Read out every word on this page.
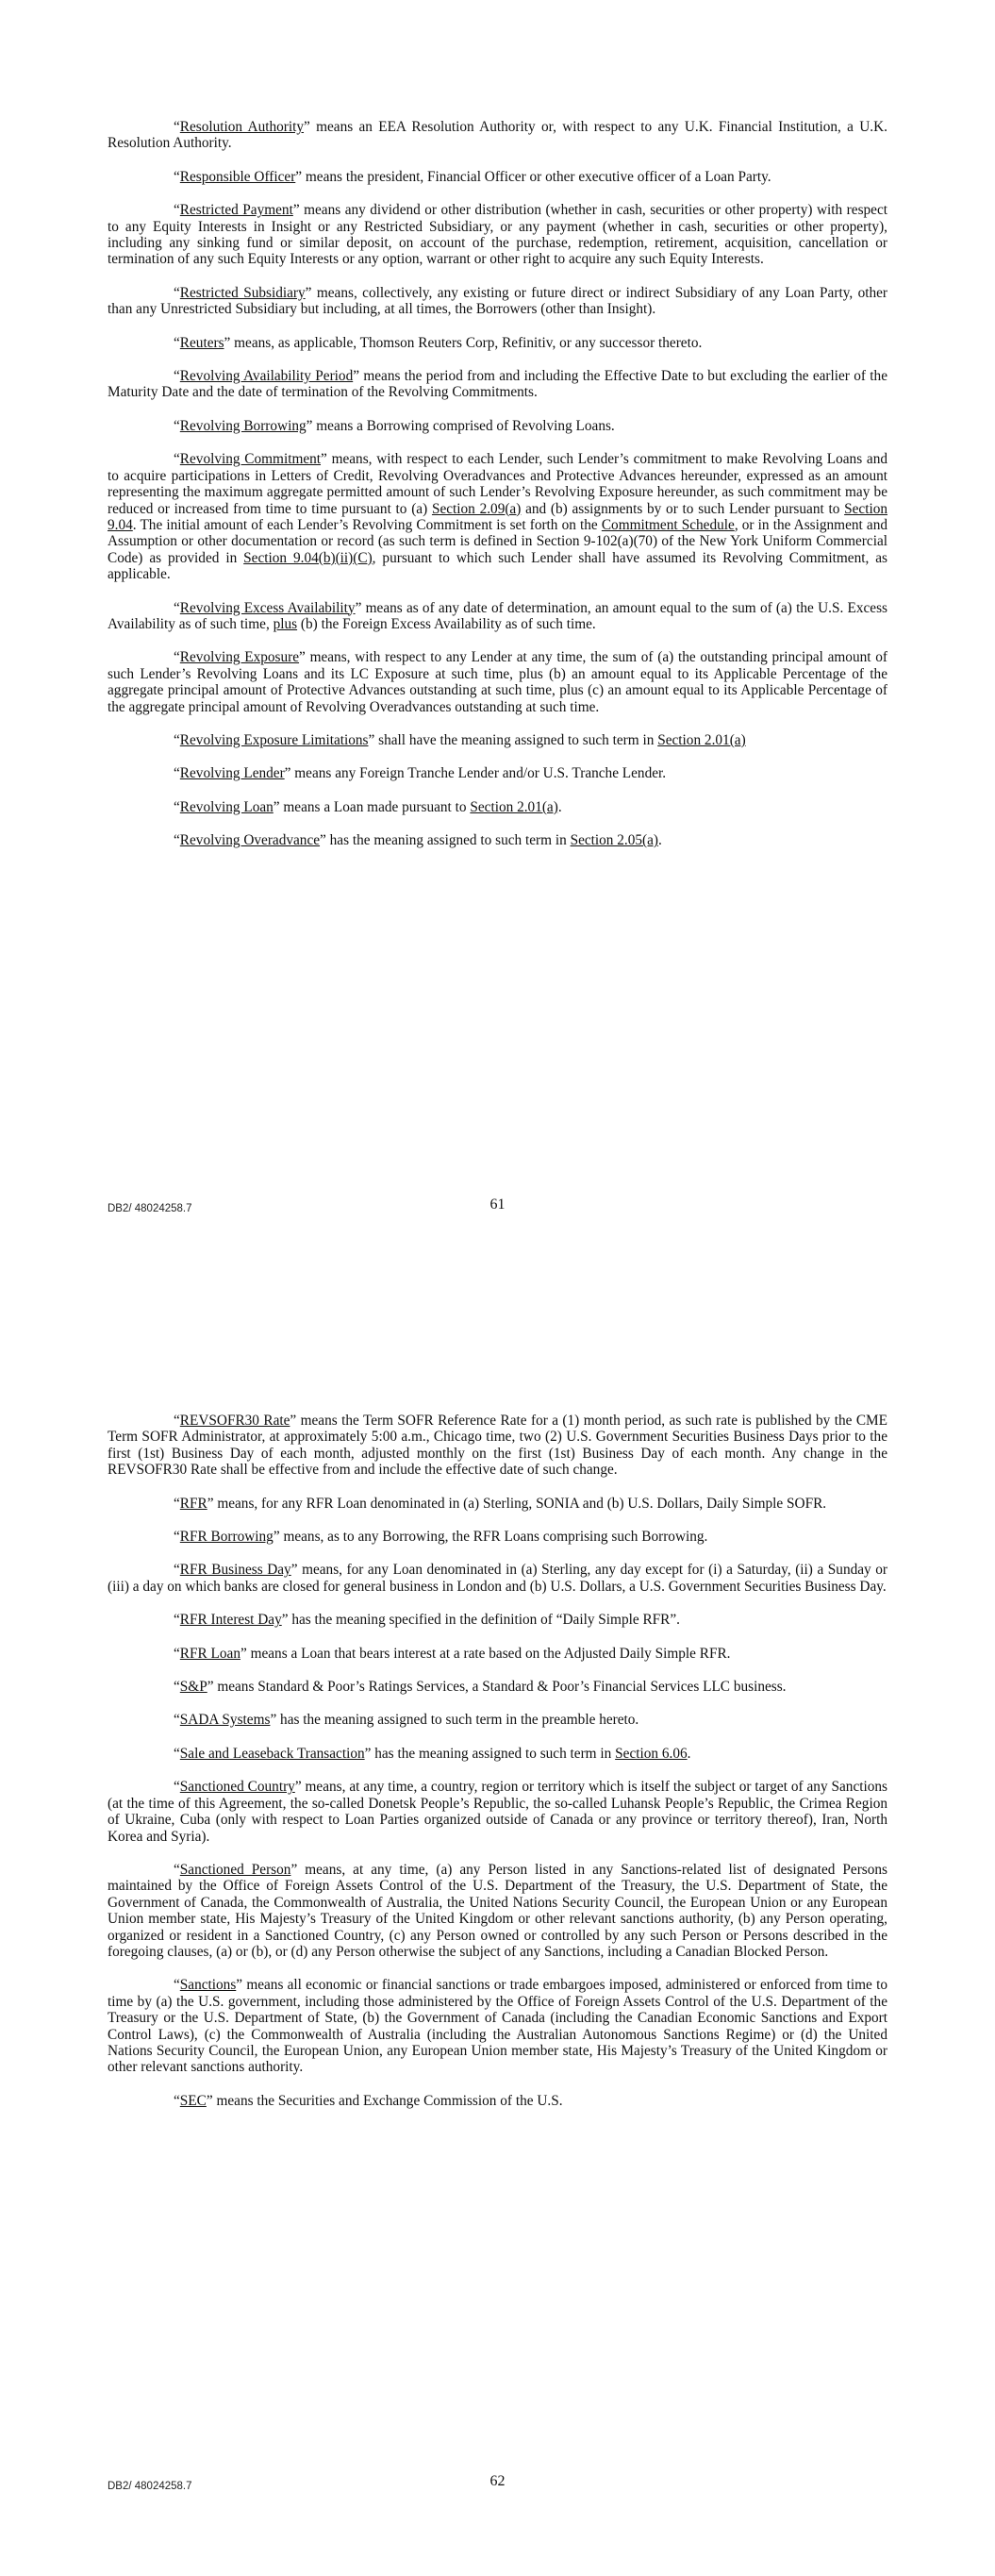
“Resolution Authority” means an EEA Resolution Authority or, with respect to any U.K. Financial Institution, a U.K. Resolution Authority.

“Responsible Officer” means the president, Financial Officer or other executive officer of a Loan Party.

“Restricted Payment” means any dividend or other distribution (whether in cash, securities or other property) with respect to any Equity Interests in Insight or any Restricted Subsidiary, or any payment (whether in cash, securities or other property), including any sinking fund or similar deposit, on account of the purchase, redemption, retirement, acquisition, cancellation or termination of any such Equity Interests or any option, warrant or other right to acquire any such Equity Interests.

“Restricted Subsidiary” means, collectively, any existing or future direct or indirect Subsidiary of any Loan Party, other than any Unrestricted Subsidiary but including, at all times, the Borrowers (other than Insight).

“Reuters” means, as applicable, Thomson Reuters Corp, Refinitiv, or any successor thereto.

“Revolving Availability Period” means the period from and including the Effective Date to but excluding the earlier of the Maturity Date and the date of termination of the Revolving Commitments.

“Revolving Borrowing” means a Borrowing comprised of Revolving Loans.

“Revolving Commitment” means, with respect to each Lender, such Lender’s commitment to make Revolving Loans and to acquire participations in Letters of Credit, Revolving Overadvances and Protective Advances hereunder, expressed as an amount representing the maximum aggregate permitted amount of such Lender’s Revolving Exposure hereunder, as such commitment may be reduced or increased from time to time pursuant to (a) Section 2.09(a) and (b) assignments by or to such Lender pursuant to Section 9.04. The initial amount of each Lender’s Revolving Commitment is set forth on the Commitment Schedule, or in the Assignment and Assumption or other documentation or record (as such term is defined in Section 9-102(a)(70) of the New York Uniform Commercial Code) as provided in Section 9.04(b)(ii)(C), pursuant to which such Lender shall have assumed its Revolving Commitment, as applicable.

“Revolving Excess Availability” means as of any date of determination, an amount equal to the sum of (a) the U.S. Excess Availability as of such time, plus (b) the Foreign Excess Availability as of such time.

“Revolving Exposure” means, with respect to any Lender at any time, the sum of (a) the outstanding principal amount of such Lender’s Revolving Loans and its LC Exposure at such time, plus (b) an amount equal to its Applicable Percentage of the aggregate principal amount of Protective Advances outstanding at such time, plus (c) an amount equal to its Applicable Percentage of the aggregate principal amount of Revolving Overadvances outstanding at such time.

“Revolving Exposure Limitations” shall have the meaning assigned to such term in Section 2.01(a)

“Revolving Lender” means any Foreign Tranche Lender and/or U.S. Tranche Lender.

“Revolving Loan” means a Loan made pursuant to Section 2.01(a).

“Revolving Overadvance” has the meaning assigned to such term in Section 2.05(a).

DB2/ 48024258.7	61

“REVSOFR30 Rate” means the Term SOFR Reference Rate for a (1) month period, as such rate is published by the CME Term SOFR Administrator, at approximately 5:00 a.m., Chicago time, two (2) U.S. Government Securities Business Days prior to the first (1st) Business Day of each month, adjusted monthly on the first (1st) Business Day of each month. Any change in the REVSOFR30 Rate shall be effective from and include the effective date of such change.

“RFR” means, for any RFR Loan denominated in (a) Sterling, SONIA and (b) U.S. Dollars, Daily Simple SOFR.

“RFR Borrowing” means, as to any Borrowing, the RFR Loans comprising such Borrowing.

“RFR Business Day” means, for any Loan denominated in (a) Sterling, any day except for (i) a Saturday, (ii) a Sunday or (iii) a day on which banks are closed for general business in London and (b) U.S. Dollars, a U.S. Government Securities Business Day.

“RFR Interest Day” has the meaning specified in the definition of “Daily Simple RFR”.

“RFR Loan” means a Loan that bears interest at a rate based on the Adjusted Daily Simple RFR.

“S&P” means Standard & Poor’s Ratings Services, a Standard & Poor’s Financial Services LLC business.

“SADA Systems” has the meaning assigned to such term in the preamble hereto.

“Sale and Leaseback Transaction” has the meaning assigned to such term in Section 6.06.

“Sanctioned Country” means, at any time, a country, region or territory which is itself the subject or target of any Sanctions (at the time of this Agreement, the so-called Donetsk People’s Republic, the so-called Luhansk People’s Republic, the Crimea Region of Ukraine, Cuba (only with respect to Loan Parties organized outside of Canada or any province or territory thereof), Iran, North Korea and Syria).

“Sanctioned Person” means, at any time, (a) any Person listed in any Sanctions-related list of designated Persons maintained by the Office of Foreign Assets Control of the U.S. Department of the Treasury, the U.S. Department of State, the Government of Canada, the Commonwealth of Australia, the United Nations Security Council, the European Union or any European Union member state, His Majesty’s Treasury of the United Kingdom or other relevant sanctions authority, (b) any Person operating, organized or resident in a Sanctioned Country, (c) any Person owned or controlled by any such Person or Persons described in the foregoing clauses, (a) or (b), or (d) any Person otherwise the subject of any Sanctions, including a Canadian Blocked Person.

“Sanctions” means all economic or financial sanctions or trade embargoes imposed, administered or enforced from time to time by (a) the U.S. government, including those administered by the Office of Foreign Assets Control of the U.S. Department of the Treasury or the U.S. Department of State, (b) the Government of Canada (including the Canadian Economic Sanctions and Export Control Laws), (c) the Commonwealth of Australia (including the Australian Autonomous Sanctions Regime) or (d) the United Nations Security Council, the European Union, any European Union member state, His Majesty’s Treasury of the United Kingdom or other relevant sanctions authority.

“SEC” means the Securities and Exchange Commission of the U.S.

DB2/ 48024258.7	62
